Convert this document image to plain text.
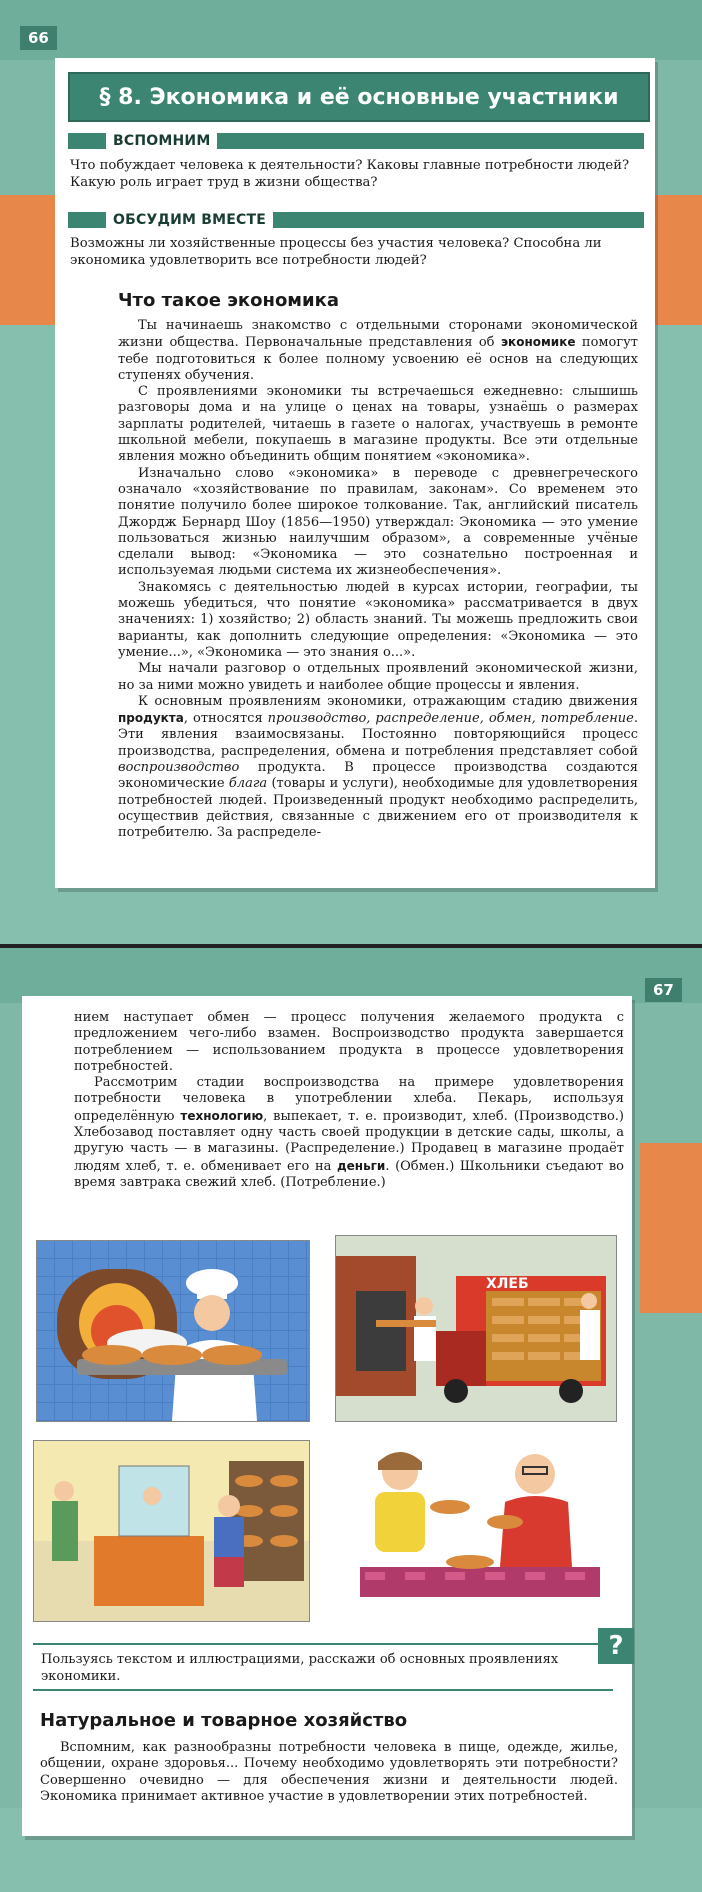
66
§ 8. Экономика и её основные участники
ВСПОМНИМ

Что побуждает человека к деятельности? Каковы главные потребности людей? Какую роль играет труд в жизни общества?

ОБСУДИМ ВМЕСТЕ

Возможны ли хозяйственные процессы без участия человека? Способна ли экономика удовлетворить все потребности людей?

Что такое экономика

Ты начинаешь знакомство с отдельными сторонами экономической жизни общества. Первоначальные представления об экономике помогут тебе подготовиться к более полному усвоению её основ на следующих ступенях обучения.

С проявлениями экономики ты встречаешься ежедневно: слышишь разговоры дома и на улице о ценах на товары, узнаёшь о размерах зарплаты родителей, читаешь в газете о налогах, участвуешь в ремонте школьной мебели, покупаешь в магазине продукты. Все эти отдельные явления можно объединить общим понятием «экономика».

Изначально слово «экономика» в переводе с древнегреческого означало «хозяйствование по правилам, законам». Со временем это понятие получило более широкое толкование. Так, английский писатель Джордж Бернард Шоу (1856—1950) утверждал: Экономика — это умение пользоваться жизнью наилучшим образом», а современные учёные сделали вывод: «Экономика — это сознательно построенная и используемая людьми система их жизнеобеспечения».

Знакомясь с деятельностью людей в курсах истории, географии, ты можешь убедиться, что понятие «экономика» рассматривается в двух значениях: 1) хозяйство; 2) область знаний. Ты можешь предложить свои варианты, как дополнить следующие определения: «Экономика — это умение...», «Экономика — это знания о...».

Мы начали разговор о отдельных проявлений экономической жизни, но за ними можно увидеть и наиболее общие процессы и явления.

К основным проявлениям экономики, отражающим стадию движения продукта, относятся производство, распределение, обмен, потребление. Эти явления взаимосвязаны. Постоянно повторяющийся процесс производства, распределения, обмена и потребления представляет собой воспроизводство продукта. В процессе производства создаются экономические блага (товары и услуги), необходимые для удовлетворения потребностей людей. Произведенный продукт необходимо распределить, осуществив действия, связанные с движением его от производителя к потребителю. За распределе-

67

нием наступает обмен — процесс получения желаемого продукта с предложением чего-либо взамен. Воспроизводство продукта завершается потреблением — использованием продукта в процессе удовлетворения потребностей.

Рассмотрим стадии воспроизводства на примере удовлетворения потребности человека в употреблении хлеба. Пекарь, используя определённую технологию, выпекает, т. е. производит, хлеб. (Производство.) Хлебозавод поставляет одну часть своей продукции в детские сады, школы, а другую часть — в магазины. (Распределение.) Продавец в магазине продаёт людям хлеб, т. е. обменивает его на деньги. (Обмен.) Школьники съедают во время завтрака свежий хлеб. (Потребление.)

ХЛЕБ
Пользуясь текстом и иллюстрациями, расскажи об основных проявлениях экономики.
?
Натуральное и товарное хозяйство

Вспомним, как разнообразны потребности человека в пище, одежде, жилье, общении, охране здоровья... Почему необходимо удовлетворять эти потребности? Совершенно очевидно — для обеспечения жизни и деятельности людей. Экономика принимает активное участие в удовлетворении этих потребностей.
